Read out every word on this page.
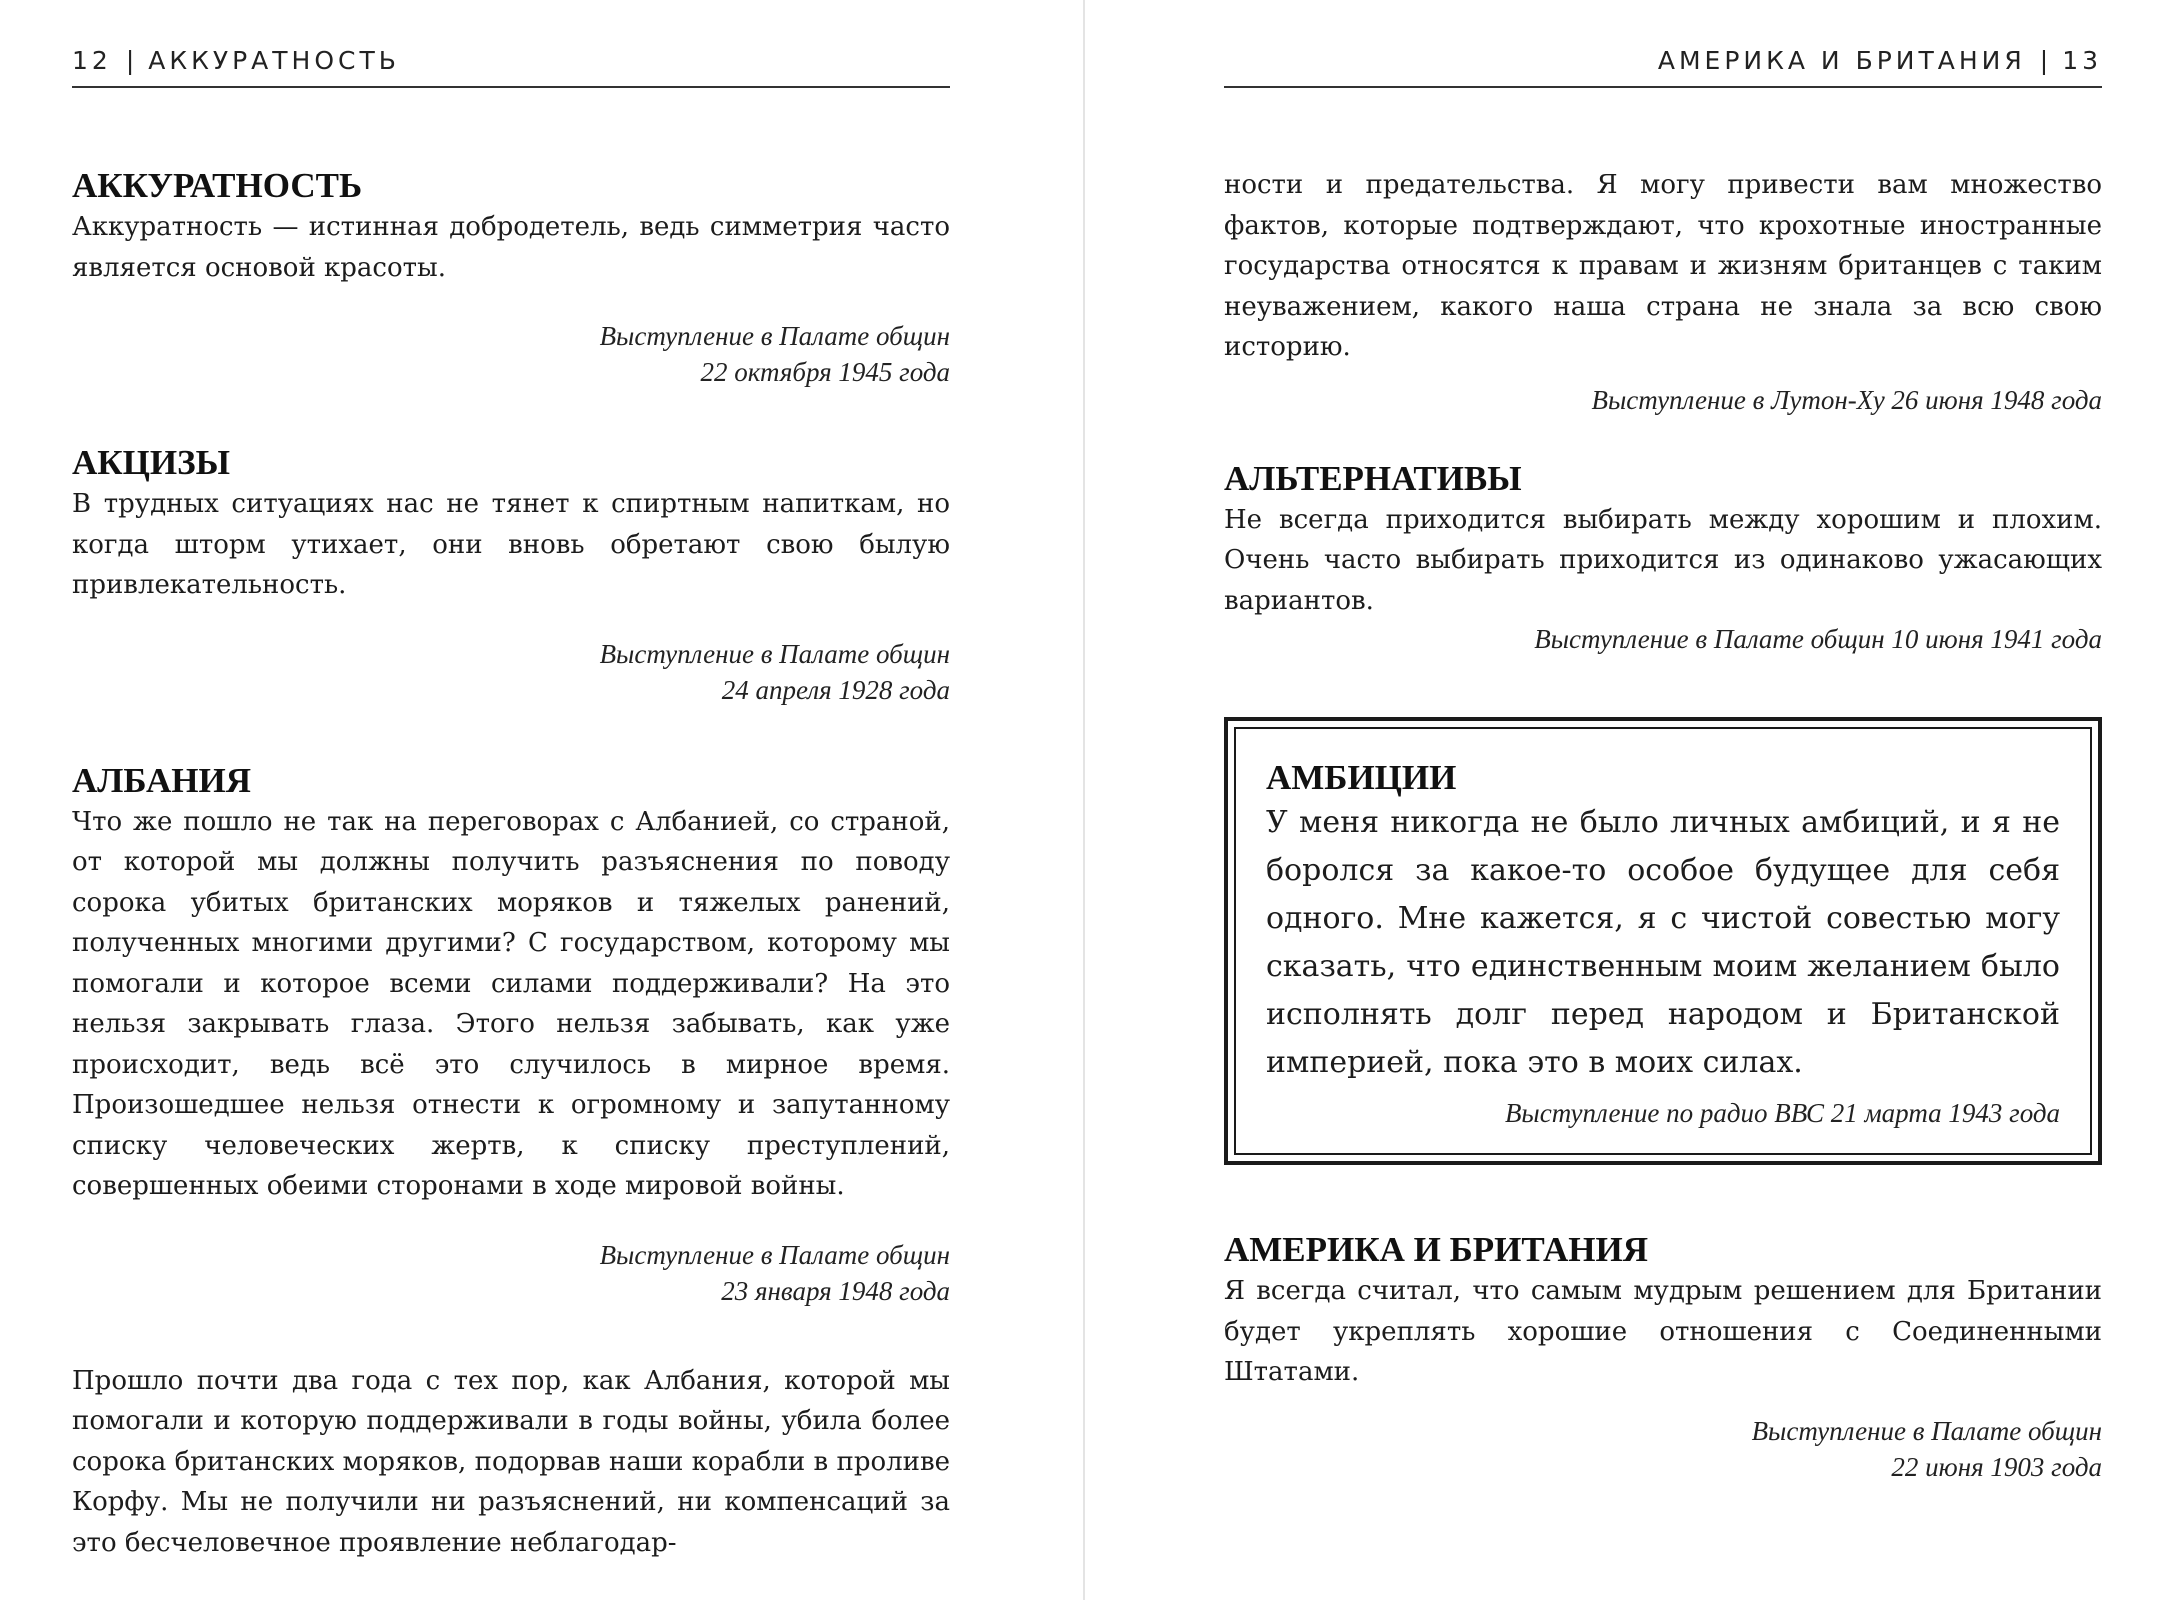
12 | АККУРАТНОСТЬ
АККУРАТНОСТЬ

Аккуратность — истинная добродетель, ведь симметрия часто является основой красоты.

Выступление в Палате общин
22 октября 1945 года
АКЦИЗЫ

В трудных ситуациях нас не тянет к спиртным напиткам, но когда шторм утихает, они вновь обретают свою былую привлекательность.

Выступление в Палате общин
24 апреля 1928 года
АЛБАНИЯ

Что же пошло не так на переговорах с Албанией, со страной, от которой мы должны получить разъяснения по поводу сорока убитых британских моряков и тяжелых ранений, полученных многими другими? С государством, которому мы помогали и которое всеми силами поддерживали? На это нельзя закрывать глаза. Этого нельзя забывать, как уже происходит, ведь всё это случилось в мирное время. Произошедшее нельзя отнести к огромному и запутанному списку человеческих жертв, к списку преступлений, совершенных обеими сторонами в ходе мировой войны.

Выступление в Палате общин
23 января 1948 года

Прошло почти два года с тех пор, как Албания, которой мы помогали и которую поддерживали в годы войны, убила более сорока британских моряков, подорвав наши корабли в проливе Корфу. Мы не получили ни разъяснений, ни компенсаций за это бесчеловечное проявление неблагодар-

АМЕРИКА И БРИТАНИЯ | 13

ности и предательства. Я могу привести вам множество фактов, которые подтверждают, что крохотные иностранные государства относятся к правам и жизням британцев с таким неуважением, какого наша страна не знала за всю свою историю.

Выступление в Лутон-Ху 26 июня 1948 года
АЛЬТЕРНАТИВЫ

Не всегда приходится выбирать между хорошим и плохим. Очень часто выбирать приходится из одинаково ужасающих вариантов.

Выступление в Палате общин 10 июня 1941 года
АМБИЦИИ

У меня никогда не было личных амбиций, и я не боролся за какое-то особое будущее для себя одного. Мне кажется, я с чистой совестью могу сказать, что единственным моим желанием было исполнять долг перед народом и Британской империей, пока это в моих силах.

Выступление по радио ВВС 21 марта 1943 года
АМЕРИКА И БРИТАНИЯ

Я всегда считал, что самым мудрым решением для Британии будет укреплять хорошие отношения с Соединенными Штатами.

Выступление в Палате общин
22 июня 1903 года
